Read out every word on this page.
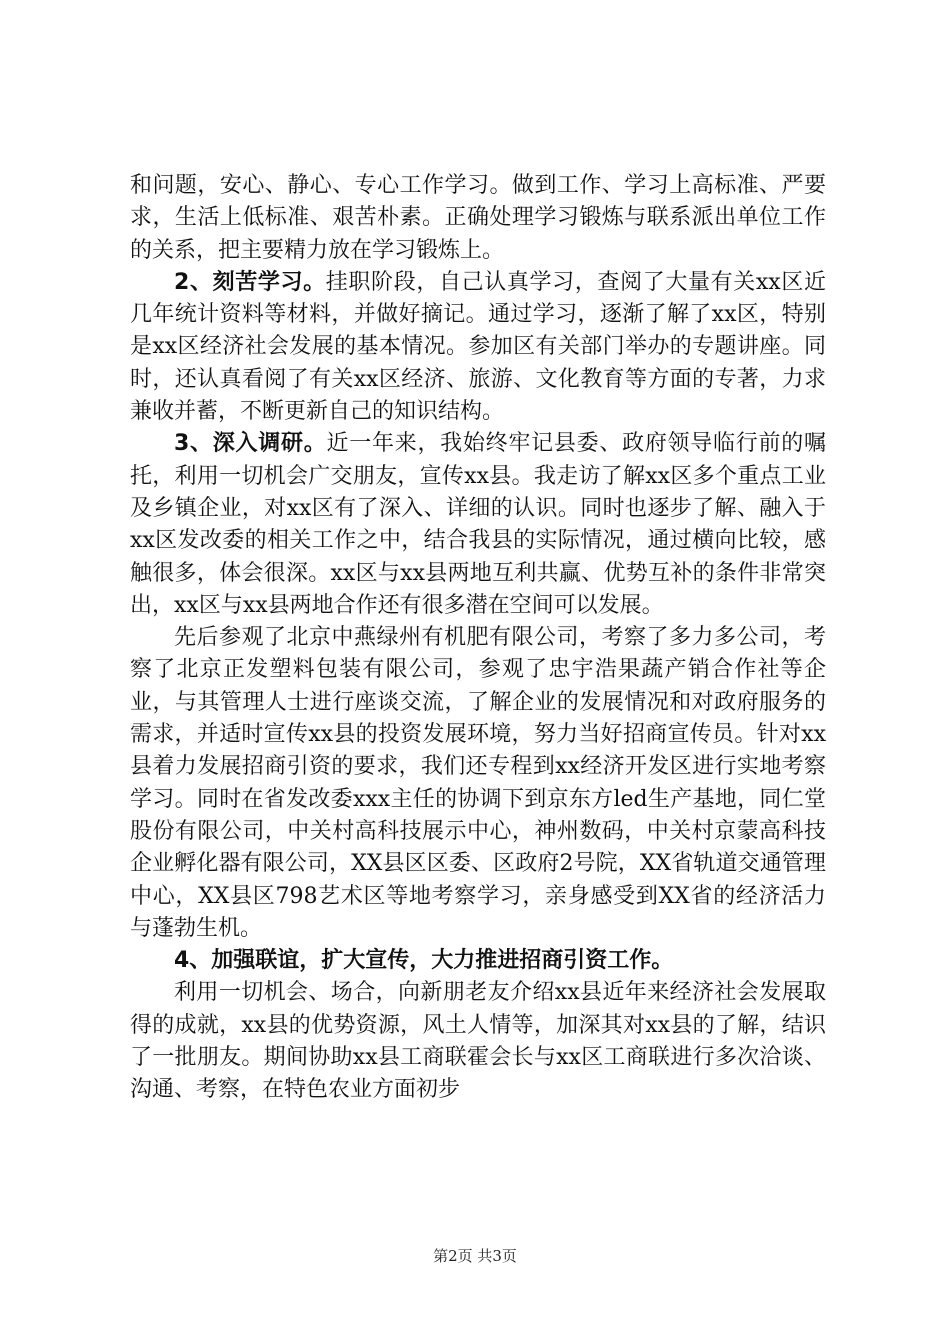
和问题，安心、静心、专心工作学习。做到工作、学习上高标准、严要求，生活上低标准、艰苦朴素。正确处理学习锻炼与联系派出单位工作的关系，把主要精力放在学习锻炼上。

2、刻苦学习。挂职阶段，自己认真学习，查阅了大量有关xx区近几年统计资料等材料，并做好摘记。通过学习，逐渐了解了xx区，特别是xx区经济社会发展的基本情况。参加区有关部门举办的专题讲座。同时，还认真看阅了有关xx区经济、旅游、文化教育等方面的专著，力求兼收并蓄，不断更新自己的知识结构。

3、深入调研。近一年来，我始终牢记县委、政府领导临行前的嘱托，利用一切机会广交朋友，宣传xx县。我走访了解xx区多个重点工业及乡镇企业，对xx区有了深入、详细的认识。同时也逐步了解、融入于xx区发改委的相关工作之中，结合我县的实际情况，通过横向比较，感触很多，体会很深。xx区与xx县两地互利共赢、优势互补的条件非常突出，xx区与xx县两地合作还有很多潜在空间可以发展。

先后参观了北京中燕绿州有机肥有限公司，考察了多力多公司，考察了北京正发塑料包装有限公司，参观了忠宇浩果蔬产销合作社等企业，与其管理人士进行座谈交流，了解企业的发展情况和对政府服务的需求，并适时宣传xx县的投资发展环境，努力当好招商宣传员。针对xx县着力发展招商引资的要求，我们还专程到xx经济开发区进行实地考察学习。同时在省发改委xxx主任的协调下到京东方led生产基地，同仁堂股份有限公司，中关村高科技展示中心，神州数码，中关村京蒙高科技企业孵化器有限公司，XX县区区委、区政府2号院，XX省轨道交通管理中心，XX县区798艺术区等地考察学习，亲身感受到XX省的经济活力与蓬勃生机。

4、加强联谊，扩大宣传，大力推进招商引资工作。

利用一切机会、场合，向新朋老友介绍xx县近年来经济社会发展取得的成就，xx县的优势资源，风土人情等，加深其对xx县的了解，结识了一批朋友。期间协助xx县工商联霍会长与xx区工商联进行多次洽谈、沟通、考察，在特色农业方面初步

第2页 共3页
